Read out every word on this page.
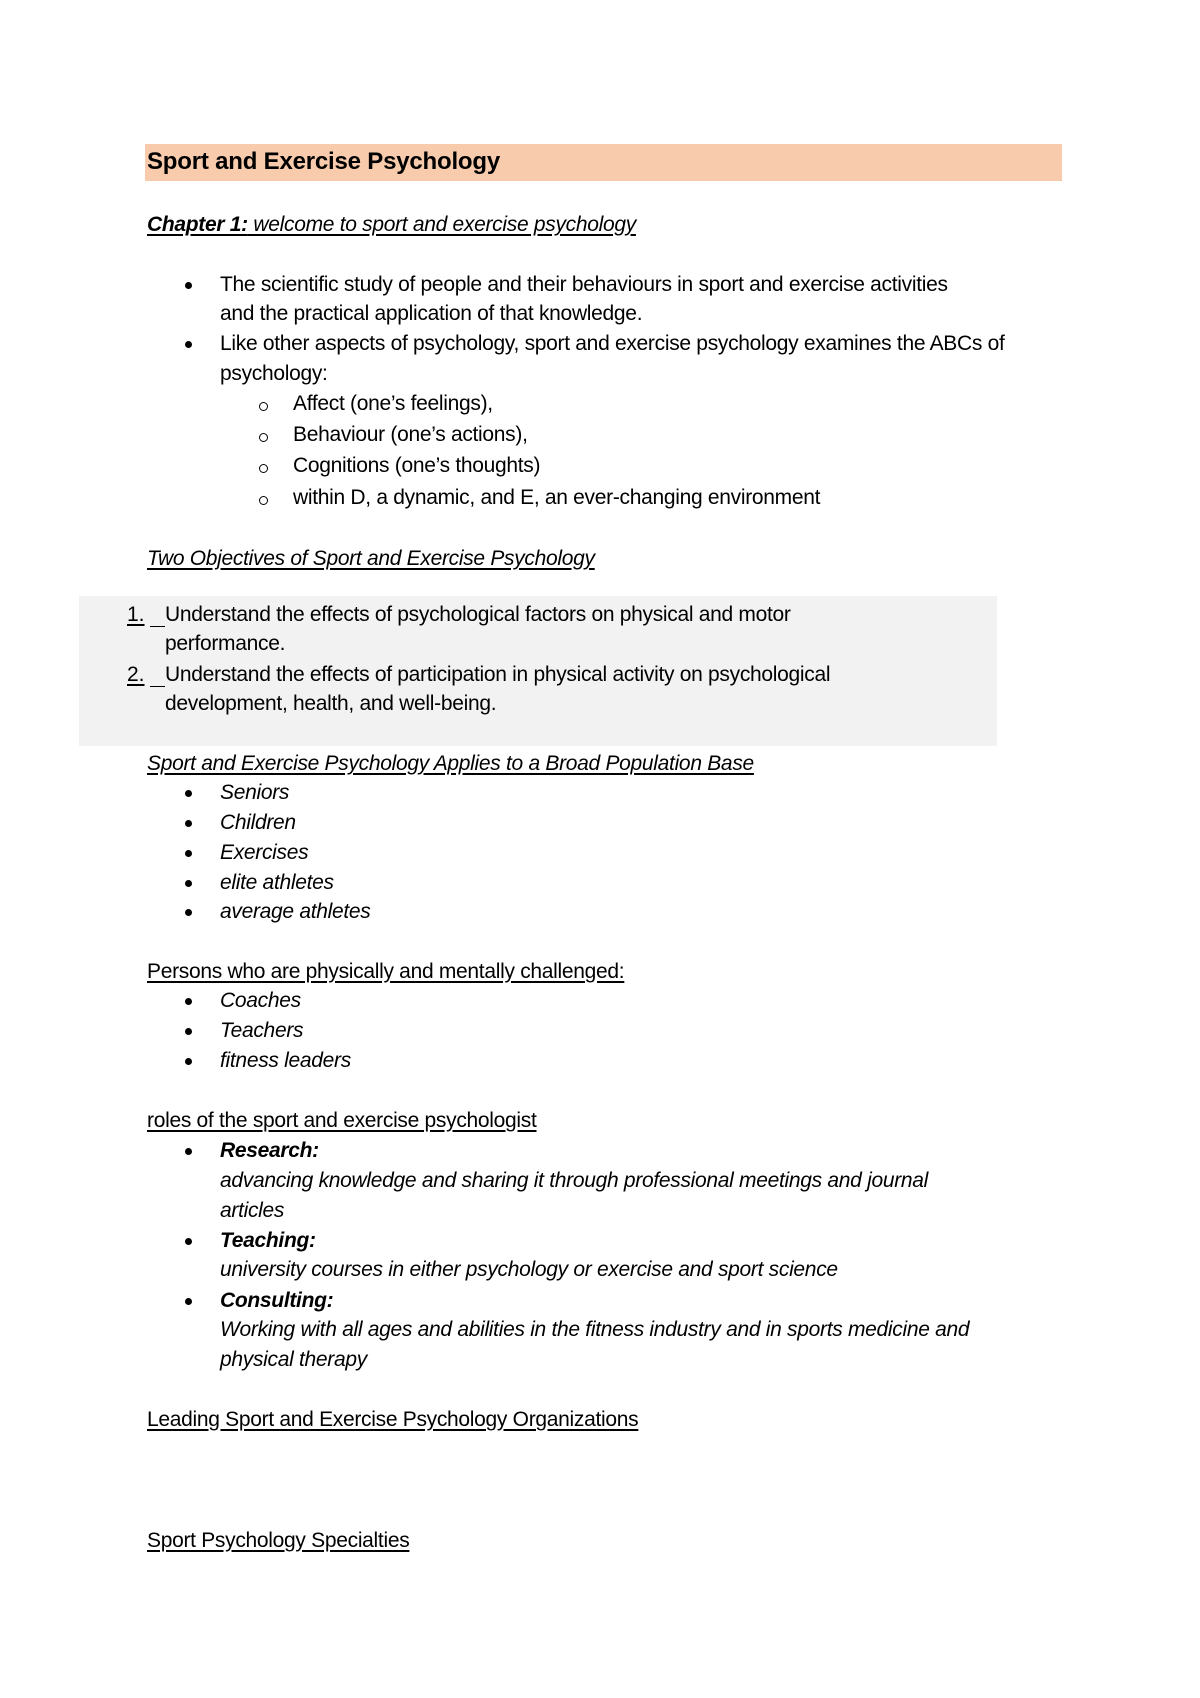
Sport and Exercise Psychology
Chapter 1: welcome to sport and exercise psychology
The scientific study of people and their behaviours in sport and exercise activities
and the practical application of that knowledge.
Like other aspects of psychology, sport and exercise psychology examines the ABCs of
psychology:
Affect (one’s feelings),
Behaviour (one’s actions),
Cognitions (one’s thoughts)
within D, a dynamic, and E, an ever-changing environment
Two Objectives of Sport and Exercise Psychology
1. Understand the effects of psychological factors on physical and motor
performance.
2. Understand the effects of participation in physical activity on psychological
development, health, and well-being.
Sport and Exercise Psychology Applies to a Broad Population Base
Seniors
Children
Exercises
elite athletes
average athletes
Persons who are physically and mentally challenged:
Coaches
Teachers
fitness leaders
roles of the sport and exercise psychologist
Research:
advancing knowledge and sharing it through professional meetings and journal
articles
Teaching:
university courses in either psychology or exercise and sport science
Consulting:
Working with all ages and abilities in the fitness industry and in sports medicine and
physical therapy
Leading Sport and Exercise Psychology Organizations
Sport Psychology Specialties
